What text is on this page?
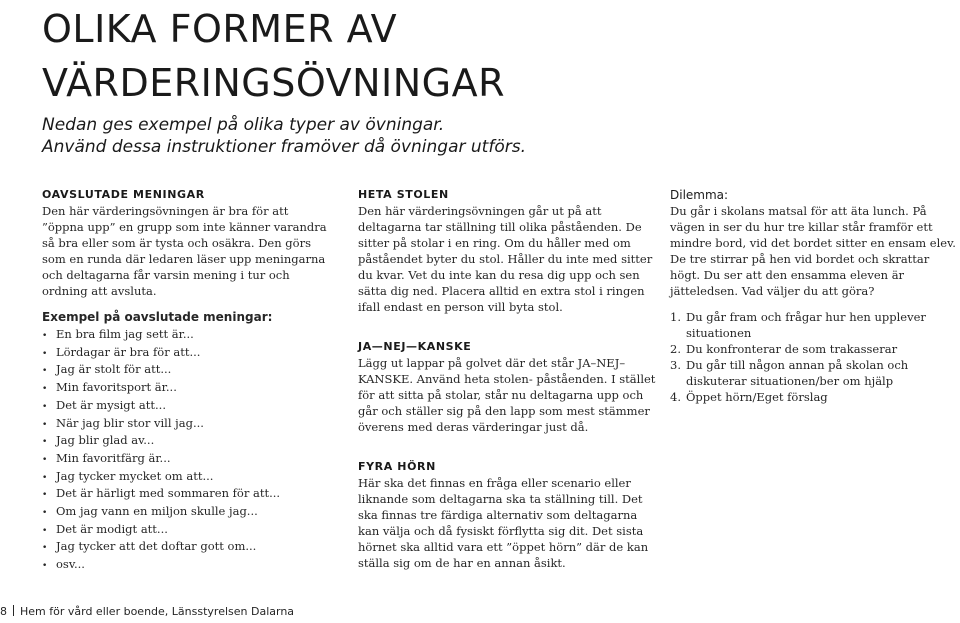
OLIKA FORMER AV
VÄRDERINGSÖVNINGAR

Nedan ges exempel på olika typer av övningar.
Använd dessa instruktioner framöver då övningar utförs.

OAVSLUTADE MENINGAR

Den här värderingsövningen är bra för att ”öppna upp” en grupp som inte känner varandra så bra eller som är tysta och osäkra. Den görs som en runda där ledaren läser upp meningarna och deltagarna får varsin mening i tur och ordning att avsluta.

Exempel på oavslutade meningar:
• En bra film jag sett är...
• Lördagar är bra för att...
• Jag är stolt för att...
• Min favoritsport är...
• Det är mysigt att...
• När jag blir stor vill jag...
• Jag blir glad av...
• Min favoritfärg är...
• Jag tycker mycket om att...
• Det är härligt med sommaren för att...
• Om jag vann en miljon skulle jag...
• Det är modigt att...
• Jag tycker att det doftar gott om...
• osv...
HETA STOLEN

Den här värderingsövningen går ut på att deltagarna tar ställning till olika påståenden. De sitter på stolar i en ring. Om du håller med om påståendet byter du stol. Håller du inte med sitter du kvar. Vet du inte kan du resa dig upp och sen sätta dig ned. Placera alltid en extra stol i ringen ifall endast en person vill byta stol.

JA—NEJ—KANSKE

Lägg ut lappar på golvet där det står JA–NEJ–KANSKE. Använd heta stolen- påståenden. I stället för att sitta på stolar, står nu deltagarna upp och går och ställer sig på den lapp som mest stämmer överens med deras värderingar just då.

FYRA HÖRN

Här ska det finnas en fråga eller scenario eller liknande som deltagarna ska ta ställning till. Det ska finnas tre färdiga alternativ som deltagarna kan välja och då fysiskt förflytta sig dit. Det sista hörnet ska alltid vara ett ”öppet hörn” där de kan ställa sig om de har en annan åsikt.

Dilemma:

Du går i skolans matsal för att äta lunch. På vägen in ser du hur tre killar står framför ett mindre bord, vid det bordet sitter en ensam elev. De tre stirrar på hen vid bordet och skrattar högt. Du ser att den ensamma eleven är jätteledsen. Vad väljer du att göra?

1. Du går fram och frågar hur hen upplever situationen
2. Du konfronterar de som trakasserar
3. Du går till någon annan på skolan och diskuterar situationen/ber om hjälp
4. Öppet hörn/Eget förslag
8 Hem för vård eller boende, Länsstyrelsen Dalarna
